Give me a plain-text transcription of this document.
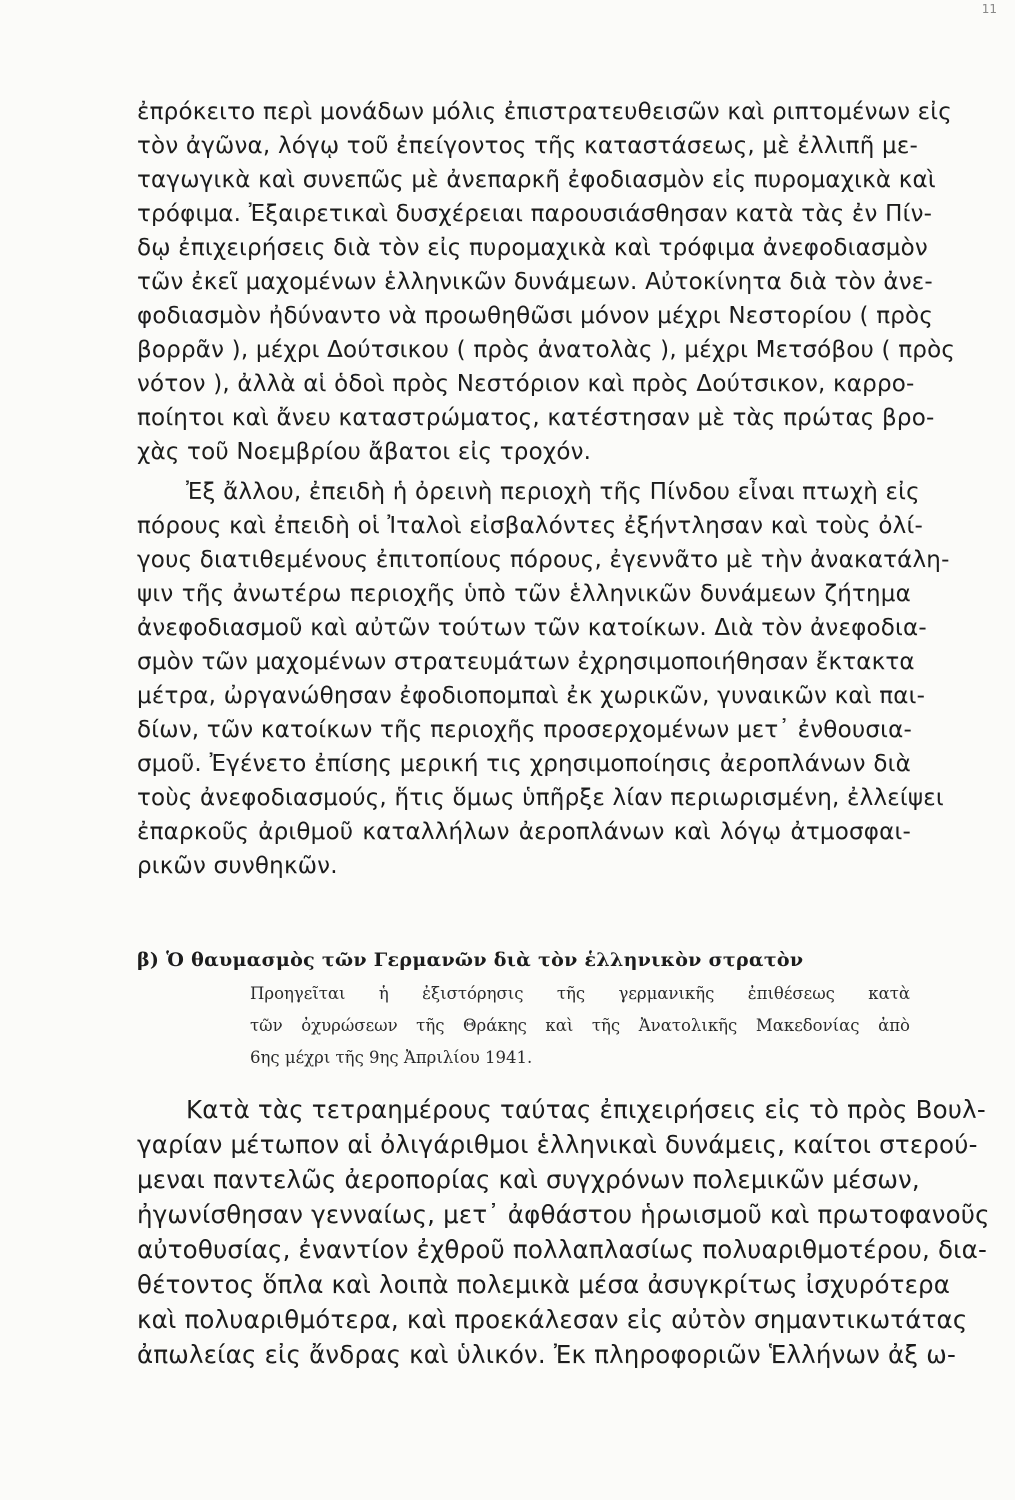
11
ἐπρόκειτο περὶ μονάδων μόλις ἐπιστρατευθεισῶν καὶ ριπτομένων εἰς
τὸν ἀγῶνα, λόγῳ τοῦ ἐπείγοντος τῆς καταστάσεως, μὲ ἐλλιπῆ με-
ταγωγικὰ καὶ συνεπῶς μὲ ἀνεπαρκῆ ἐφοδιασμὸν εἰς πυρομαχικὰ καὶ
τρόφιμα. Ἐξαιρετικαὶ δυσχέρειαι παρουσιάσθησαν κατὰ τὰς ἐν Πίν-
δῳ ἐπιχειρήσεις διὰ τὸν εἰς πυρομαχικὰ καὶ τρόφιμα ἀνεφοδιασμὸν
τῶν ἐκεῖ μαχομένων ἑλληνικῶν δυνάμεων. Αὐτοκίνητα διὰ τὸν ἀνε-
φοδιασμὸν ἠδύναντο νὰ προωθηθῶσι μόνον μέχρι Νεστορίου ( πρὸς
βορρᾶν ), μέχρι Δούτσικου ( πρὸς ἀνατολὰς ), μέχρι Μετσόβου ( πρὸς
νότον ), ἀλλὰ αἱ ὁδοὶ πρὸς Νεστόριον καὶ πρὸς Δούτσικον, καρρο-
ποίητοι καὶ ἄνευ καταστρώματος, κατέστησαν μὲ τὰς πρώτας βρο-
χὰς τοῦ Νοεμβρίου ἄβατοι εἰς τροχόν.
Ἐξ ἄλλου, ἐπειδὴ ἡ ὀρεινὴ περιοχὴ τῆς Πίνδου εἶναι πτωχὴ εἰς
πόρους καὶ ἐπειδὴ οἱ Ἰταλοὶ εἰσβαλόντες ἐξήντλησαν καὶ τοὺς ὀλί-
γους διατιθεμένους ἐπιτοπίους πόρους, ἐγεννᾶτο μὲ τὴν ἀνακατάλη-
ψιν τῆς ἀνωτέρω περιοχῆς ὑπὸ τῶν ἑλληνικῶν δυνάμεων ζήτημα
ἀνεφοδιασμοῦ καὶ αὐτῶν τούτων τῶν κατοίκων. Διὰ τὸν ἀνεφοδια-
σμὸν τῶν μαχομένων στρατευμάτων ἐχρησιμοποιήθησαν ἔκτακτα
μέτρα, ὠργανώθησαν ἐφοδιοπομπαὶ ἐκ χωρικῶν, γυναικῶν καὶ παι-
δίων, τῶν κατοίκων τῆς περιοχῆς προσερχομένων μετ᾽ ἐνθουσια-
σμοῦ. Ἐγένετο ἐπίσης μερική τις χρησιμοποίησις ἀεροπλάνων διὰ
τοὺς ἀνεφοδιασμούς, ἥτις ὅμως ὑπῆρξε λίαν περιωρισμένη, ἐλλείψει
ἐπαρκοῦς ἀριθμοῦ καταλλήλων ἀεροπλάνων καὶ λόγῳ ἀτμοσφαι-
ρικῶν συνθηκῶν.
β) Ὁ θαυμασμὸς τῶν Γερμανῶν διὰ τὸν ἑλληνικὸν στρατὸν
Προηγεῖται ἡ ἐξιστόρησις τῆς γερμανικῆς ἐπιθέσεως κατὰ
τῶν ὀχυρώσεων τῆς Θράκης καὶ τῆς Ἀνατολικῆς Μακεδονίας ἀπὸ
6ης μέχρι τῆς 9ης Ἀπριλίου 1941.
Κατὰ τὰς τετραημέρους ταύτας ἐπιχειρήσεις εἰς τὸ πρὸς Βουλ-
γαρίαν μέτωπον αἱ ὀλιγάριθμοι ἑλληνικαὶ δυνάμεις, καίτοι στερού-
μεναι παντελῶς ἀεροπορίας καὶ συγχρόνων πολεμικῶν μέσων,
ἠγωνίσθησαν γενναίως, μετ᾽ ἀφθάστου ἡρωισμοῦ καὶ πρωτοφανοῦς
αὐτοθυσίας, ἐναντίον ἐχθροῦ πολλαπλασίως πολυαριθμοτέρου, δια-
θέτοντος ὅπλα καὶ λοιπὰ πολεμικὰ μέσα ἀσυγκρίτως ἰσχυρότερα
καὶ πολυαριθμότερα, καὶ προεκάλεσαν εἰς αὐτὸν σημαντικωτάτας
ἀπωλείας εἰς ἄνδρας καὶ ὑλικόν. Ἐκ πληροφοριῶν Ἑλλήνων ἀξ ω-
